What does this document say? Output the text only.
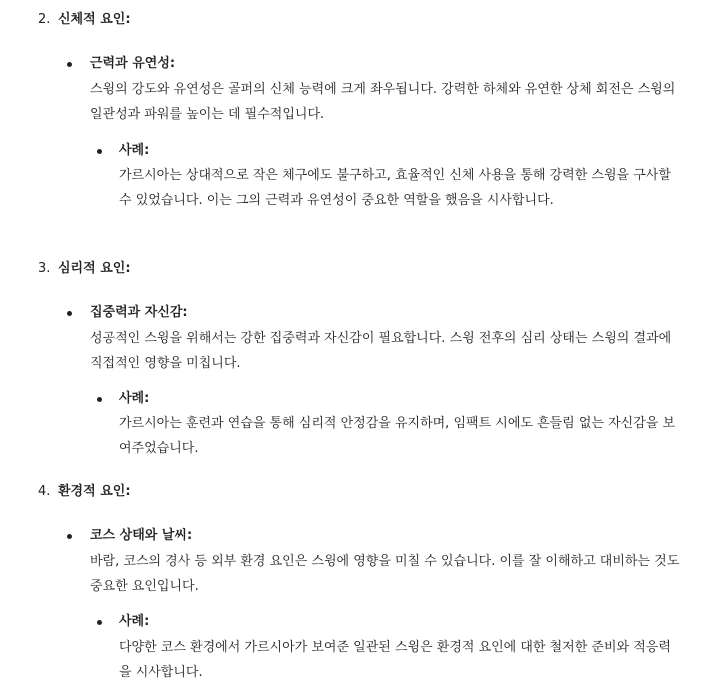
2. 신체적 요인:
근력과 유연성:

스윙의 강도와 유연성은 골퍼의 신체 능력에 크게 좌우됩니다. 강력한 하체와 유연한 상체 회전은 스윙의 일관성과 파워를 높이는 데 필수적입니다.

사례:

가르시아는 상대적으로 작은 체구에도 불구하고, 효율적인 신체 사용을 통해 강력한 스윙을 구사할 수 있었습니다. 이는 그의 근력과 유연성이 중요한 역할을 했음을 시사합니다.

3. 심리적 요인:
집중력과 자신감:

성공적인 스윙을 위해서는 강한 집중력과 자신감이 필요합니다. 스윙 전후의 심리 상태는 스윙의 결과에 직접적인 영향을 미칩니다.

사례:

가르시아는 훈련과 연습을 통해 심리적 안정감을 유지하며, 임팩트 시에도 흔들림 없는 자신감을 보여주었습니다.

4. 환경적 요인:
코스 상태와 날씨:

바람, 코스의 경사 등 외부 환경 요인은 스윙에 영향을 미칠 수 있습니다. 이를 잘 이해하고 대비하는 것도 중요한 요인입니다.

사례:

다양한 코스 환경에서 가르시아가 보여준 일관된 스윙은 환경적 요인에 대한 철저한 준비와 적응력을 시사합니다.
